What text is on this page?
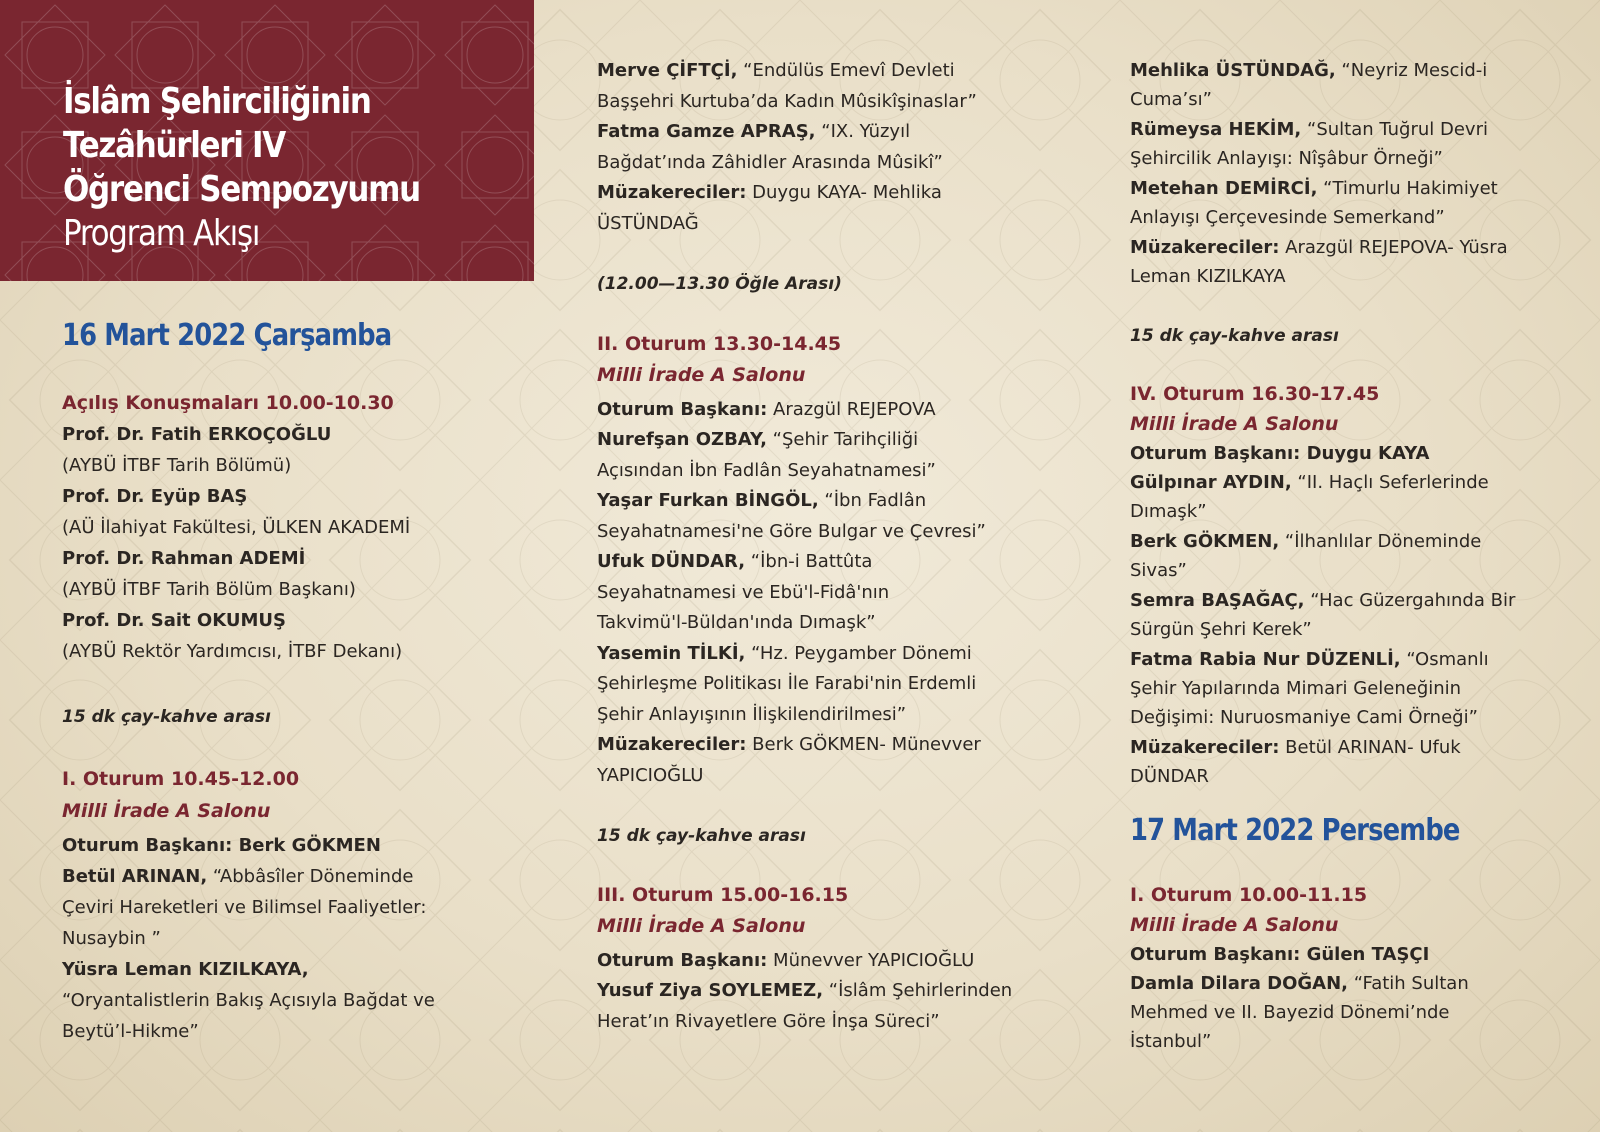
İslâm Şehirciliğinin
Tezâhürleri IV
Öğrenci Sempozyumu
Program Akışı
16 Mart 2022 Çarşamba
Açılış Konuşmaları 10.00-10.30
Prof. Dr. Fatih ERKOÇOĞLU
(AYBÜ İTBF Tarih Bölümü)
Prof. Dr. Eyüp BAŞ
(AÜ İlahiyat Fakültesi, ÜLKEN AKADEMİ
Prof. Dr. Rahman ADEMİ
(AYBÜ İTBF Tarih Bölüm Başkanı)
Prof. Dr. Sait OKUMUŞ
(AYBÜ Rektör Yardımcısı, İTBF Dekanı)
15 dk çay-kahve arası
I. Oturum 10.45-12.00
Milli İrade A Salonu
Oturum Başkanı: Berk GÖKMEN
Betül ARINAN, “Abbâsîler Döneminde
Çeviri Hareketleri ve Bilimsel Faaliyetler:
Nusaybin ”
Yüsra Leman KIZILKAYA,
“Oryantalistlerin Bakış Açısıyla Bağdat ve
Beytü’l-Hikme”
Merve ÇİFTÇİ, “Endülüs Emevî Devleti
Başşehri Kurtuba’da Kadın Mûsikîşinaslar”
Fatma Gamze APRAŞ, “IX. Yüzyıl
Bağdat’ında Zâhidler Arasında Mûsikî”
Müzakereciler: Duygu KAYA- Mehlika
ÜSTÜNDAĞ
(12.00—13.30 Öğle Arası)
II. Oturum 13.30-14.45
Milli İrade A Salonu
Oturum Başkanı: Arazgül REJEPOVA
Nurefşan OZBAY, “Şehir Tarihçiliği
Açısından İbn Fadlân Seyahatnamesi”
Yaşar Furkan BİNGÖL, “İbn Fadlân
Seyahatnamesi'ne Göre Bulgar ve Çevresi”
Ufuk DÜNDAR, “İbn-i Battûta
Seyahatnamesi ve Ebü'l-Fidâ'nın
Takvimü'l-Büldan'ında Dımaşk”
Yasemin TİLKİ, “Hz. Peygamber Dönemi
Şehirleşme Politikası İle Farabi'nin Erdemli
Şehir Anlayışının İlişkilendirilmesi”
Müzakereciler: Berk GÖKMEN- Münevver
YAPICIOĞLU
15 dk çay-kahve arası
III. Oturum 15.00-16.15
Milli İrade A Salonu
Oturum Başkanı: Münevver YAPICIOĞLU
Yusuf Ziya SOYLEMEZ, “İslâm Şehirlerinden
Herat’ın Rivayetlere Göre İnşa Süreci”
Mehlika ÜSTÜNDAĞ, “Neyriz Mescid-i
Cuma’sı”
Rümeysa HEKİM, “Sultan Tuğrul Devri
Şehircilik Anlayışı: Nîşâbur Örneği”
Metehan DEMİRCİ, “Timurlu Hakimiyet
Anlayışı Çerçevesinde Semerkand”
Müzakereciler: Arazgül REJEPOVA- Yüsra
Leman KIZILKAYA
15 dk çay-kahve arası
IV. Oturum 16.30-17.45
Milli İrade A Salonu
Oturum Başkanı: Duygu KAYA
Gülpınar AYDIN, “II. Haçlı Seferlerinde
Dımaşk”
Berk GÖKMEN, “İlhanlılar Döneminde
Sivas”
Semra BAŞAĞAÇ, “Hac Güzergahında Bir
Sürgün Şehri Kerek”
Fatma Rabia Nur DÜZENLİ, “Osmanlı
Şehir Yapılarında Mimari Geleneğinin
Değişimi: Nuruosmaniye Cami Örneği”
Müzakereciler: Betül ARINAN- Ufuk
DÜNDAR
17 Mart 2022 Persembe
I. Oturum 10.00-11.15
Milli İrade A Salonu
Oturum Başkanı: Gülen TAŞÇI
Damla Dilara DOĞAN, “Fatih Sultan
Mehmed ve II. Bayezid Dönemi’nde
İstanbul”
